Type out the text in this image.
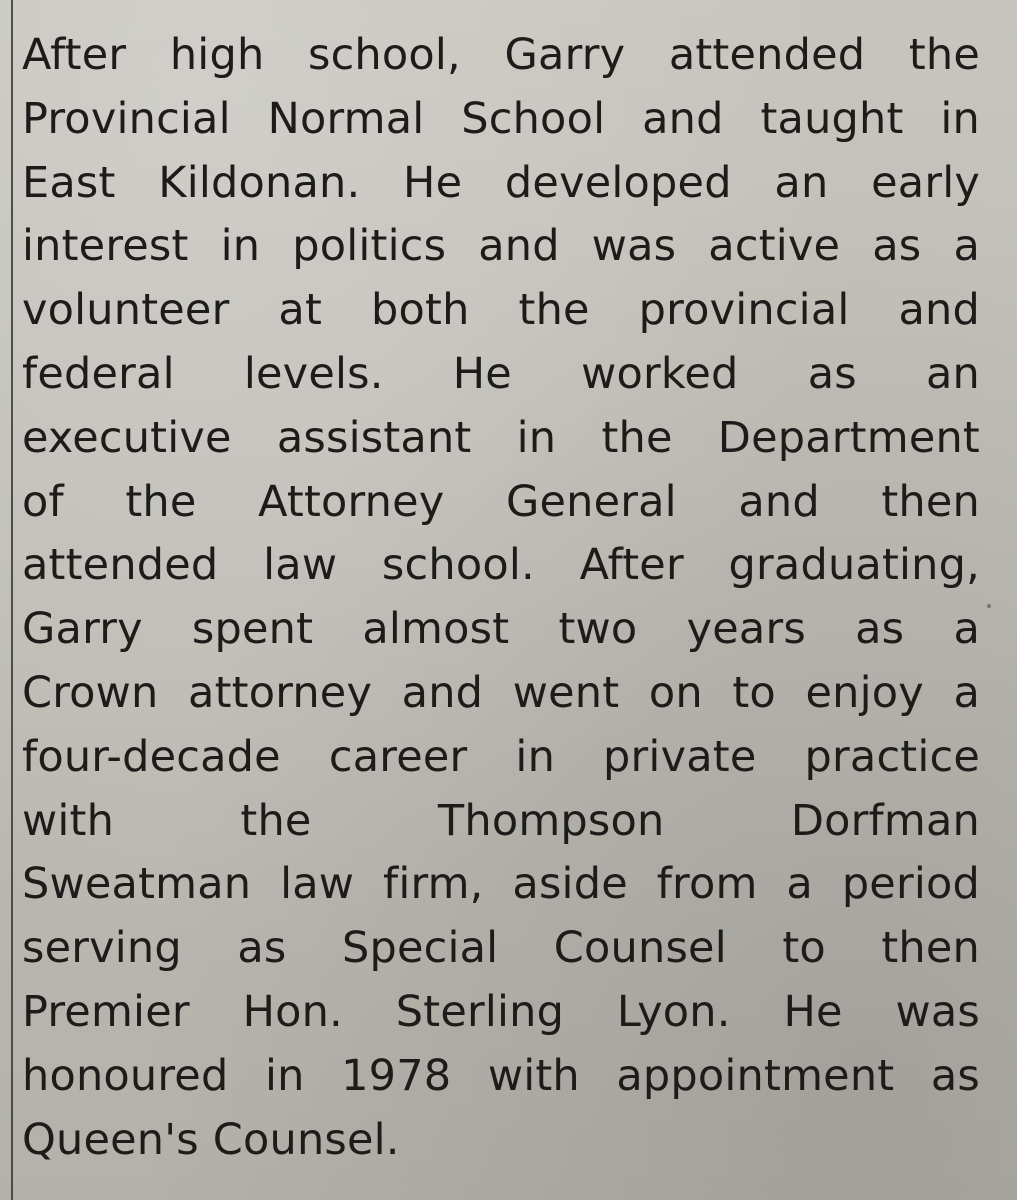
After high school, Garry attended the
Provincial Normal School and taught in
East Kildonan. He developed an early
interest in politics and was active as a
volunteer at both the provincial and
federal levels. He worked as an
executive assistant in the Department
of the Attorney General and then
attended law school. After graduating,
Garry spent almost two years as a
Crown attorney and went on to enjoy a
four-decade career in private practice
with the Thompson Dorfman
Sweatman law firm, aside from a period
serving as Special Counsel to then
Premier Hon. Sterling Lyon. He was
honoured in 1978 with appointment as
Queen's Counsel.
